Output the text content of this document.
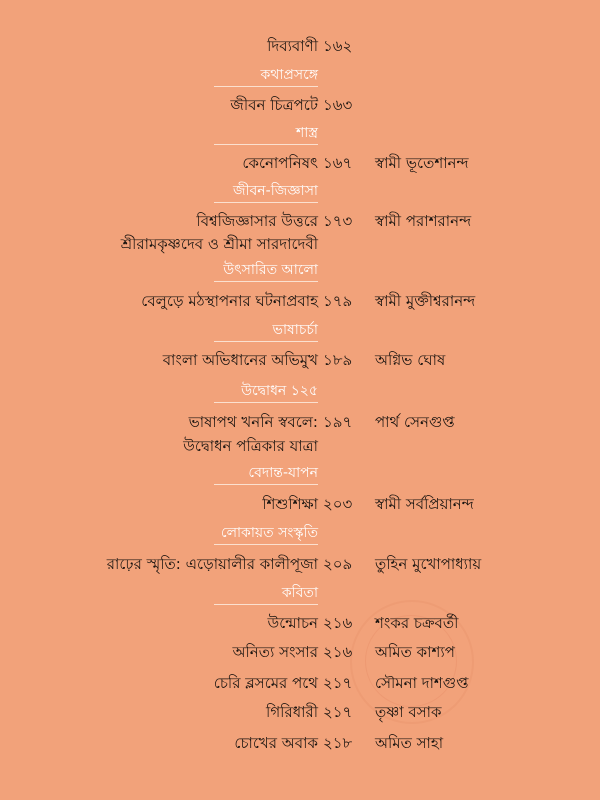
দিব্যবাণী ১৬২
কথাপ্রসঙ্গে
জীবন চিত্রপটে ১৬৩
শাস্ত্র
কেনোপনিষৎ ১৬৭	স্বামী ভূতেশানন্দ
জীবন-জিজ্ঞাসা
বিশ্বজিজ্ঞাসার উত্তরে ১৭৩	স্বামী পরাশরানন্দ
শ্রীরামকৃষ্ণদেব ও শ্রীমা সারদাদেবী
উৎসারিত আলো
বেলুড়ে মঠস্থাপনার ঘটনাপ্রবাহ ১৭৯	স্বামী মুক্তীশ্বরানন্দ
ভাষাচর্চা
বাংলা অভিধানের অভিমুখ ১৮৯	অগ্নিভ ঘোষ
উদ্বোধন ১২৫
ভাষাপথ খননি স্ববলে: ১৯৭	পার্থ সেনগুপ্ত
উদ্বোধন পত্রিকার যাত্রা
বেদান্ত-যাপন
শিশুশিক্ষা ২০৩	স্বামী সর্বপ্রিয়ানন্দ
লোকায়ত সংস্কৃতি
রাঢ়ের স্মৃতি: এড়োয়ালীর কালীপূজা ২০৯	তুহিন মুখোপাধ্যায়
কবিতা
উন্মোচন ২১৬	শংকর চক্রবর্তী
অনিত্য সংসার ২১৬	অমিত কাশ্যপ
চেরি ব্লসমের পথে ২১৭	সৌমনা দাশগুপ্ত
গিরিধারী ২১৭	তৃষ্ণা বসাক
চোখের অবাক ২১৮	অমিত সাহা
